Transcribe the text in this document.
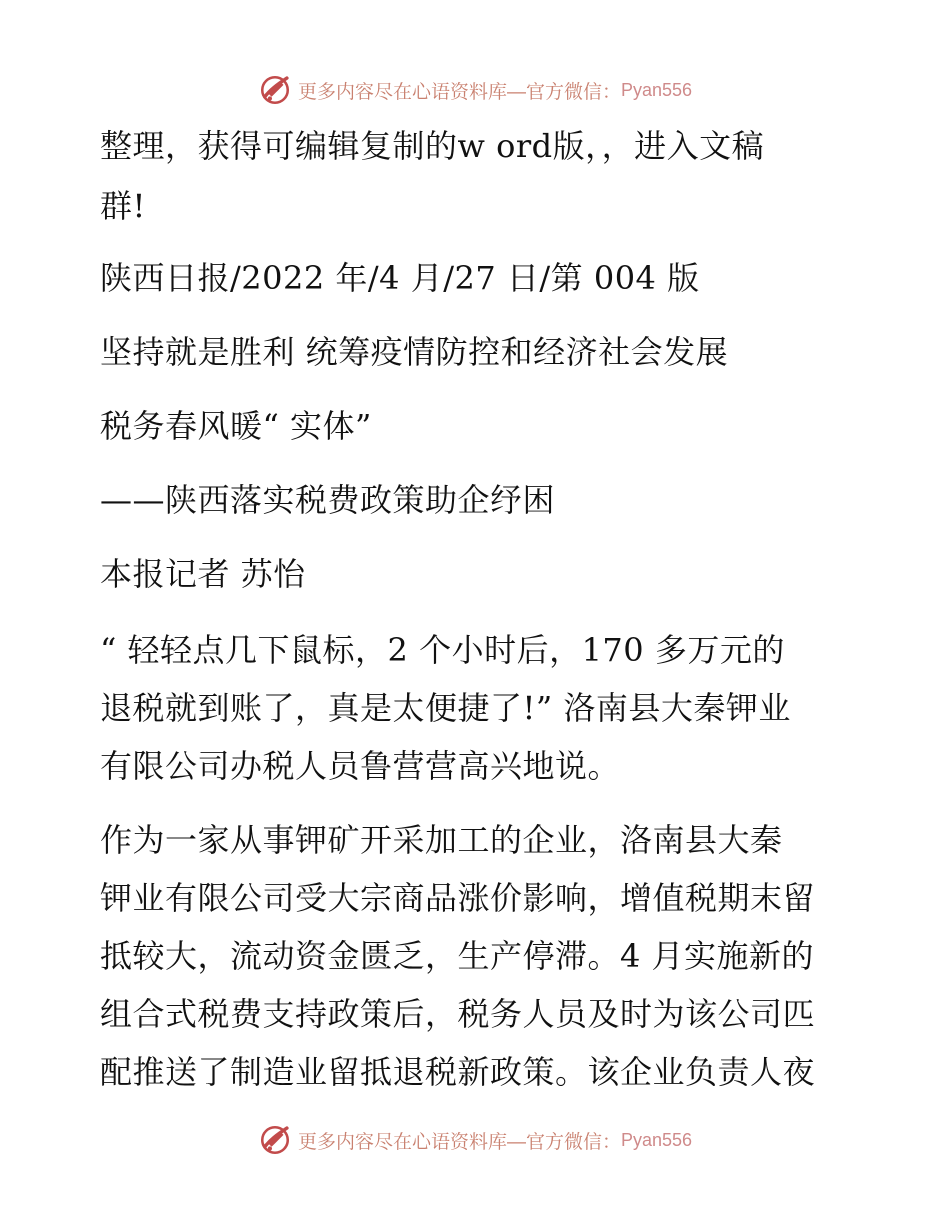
更多内容尽在心语资料库—官方微信： Pyan556
整理，获得可编辑复制的w ord版，，进入文稿
群!
陕西日报/2022 年/4 月/27 日/第 004 版
坚持就是胜利 统筹疫情防控和经济社会发展
税务春风暖“ 实体”
——陕西落实税费政策助企纾困
本报记者 苏怡
“ 轻轻点几下鼠标，2 个小时后，170 多万元的
退税就到账了，真是太便捷了!” 洛南县大秦钾业
有限公司办税人员鲁营营高兴地说。
作为一家从事钾矿开采加工的企业，洛南县大秦
钾业有限公司受大宗商品涨价影响，增值税期末留
抵较大，流动资金匮乏，生产停滞。4 月实施新的
组合式税费支持政策后，税务人员及时为该公司匹
配推送了制造业留抵退税新政策。该企业负责人夜
更多内容尽在心语资料库—官方微信： Pyan556
